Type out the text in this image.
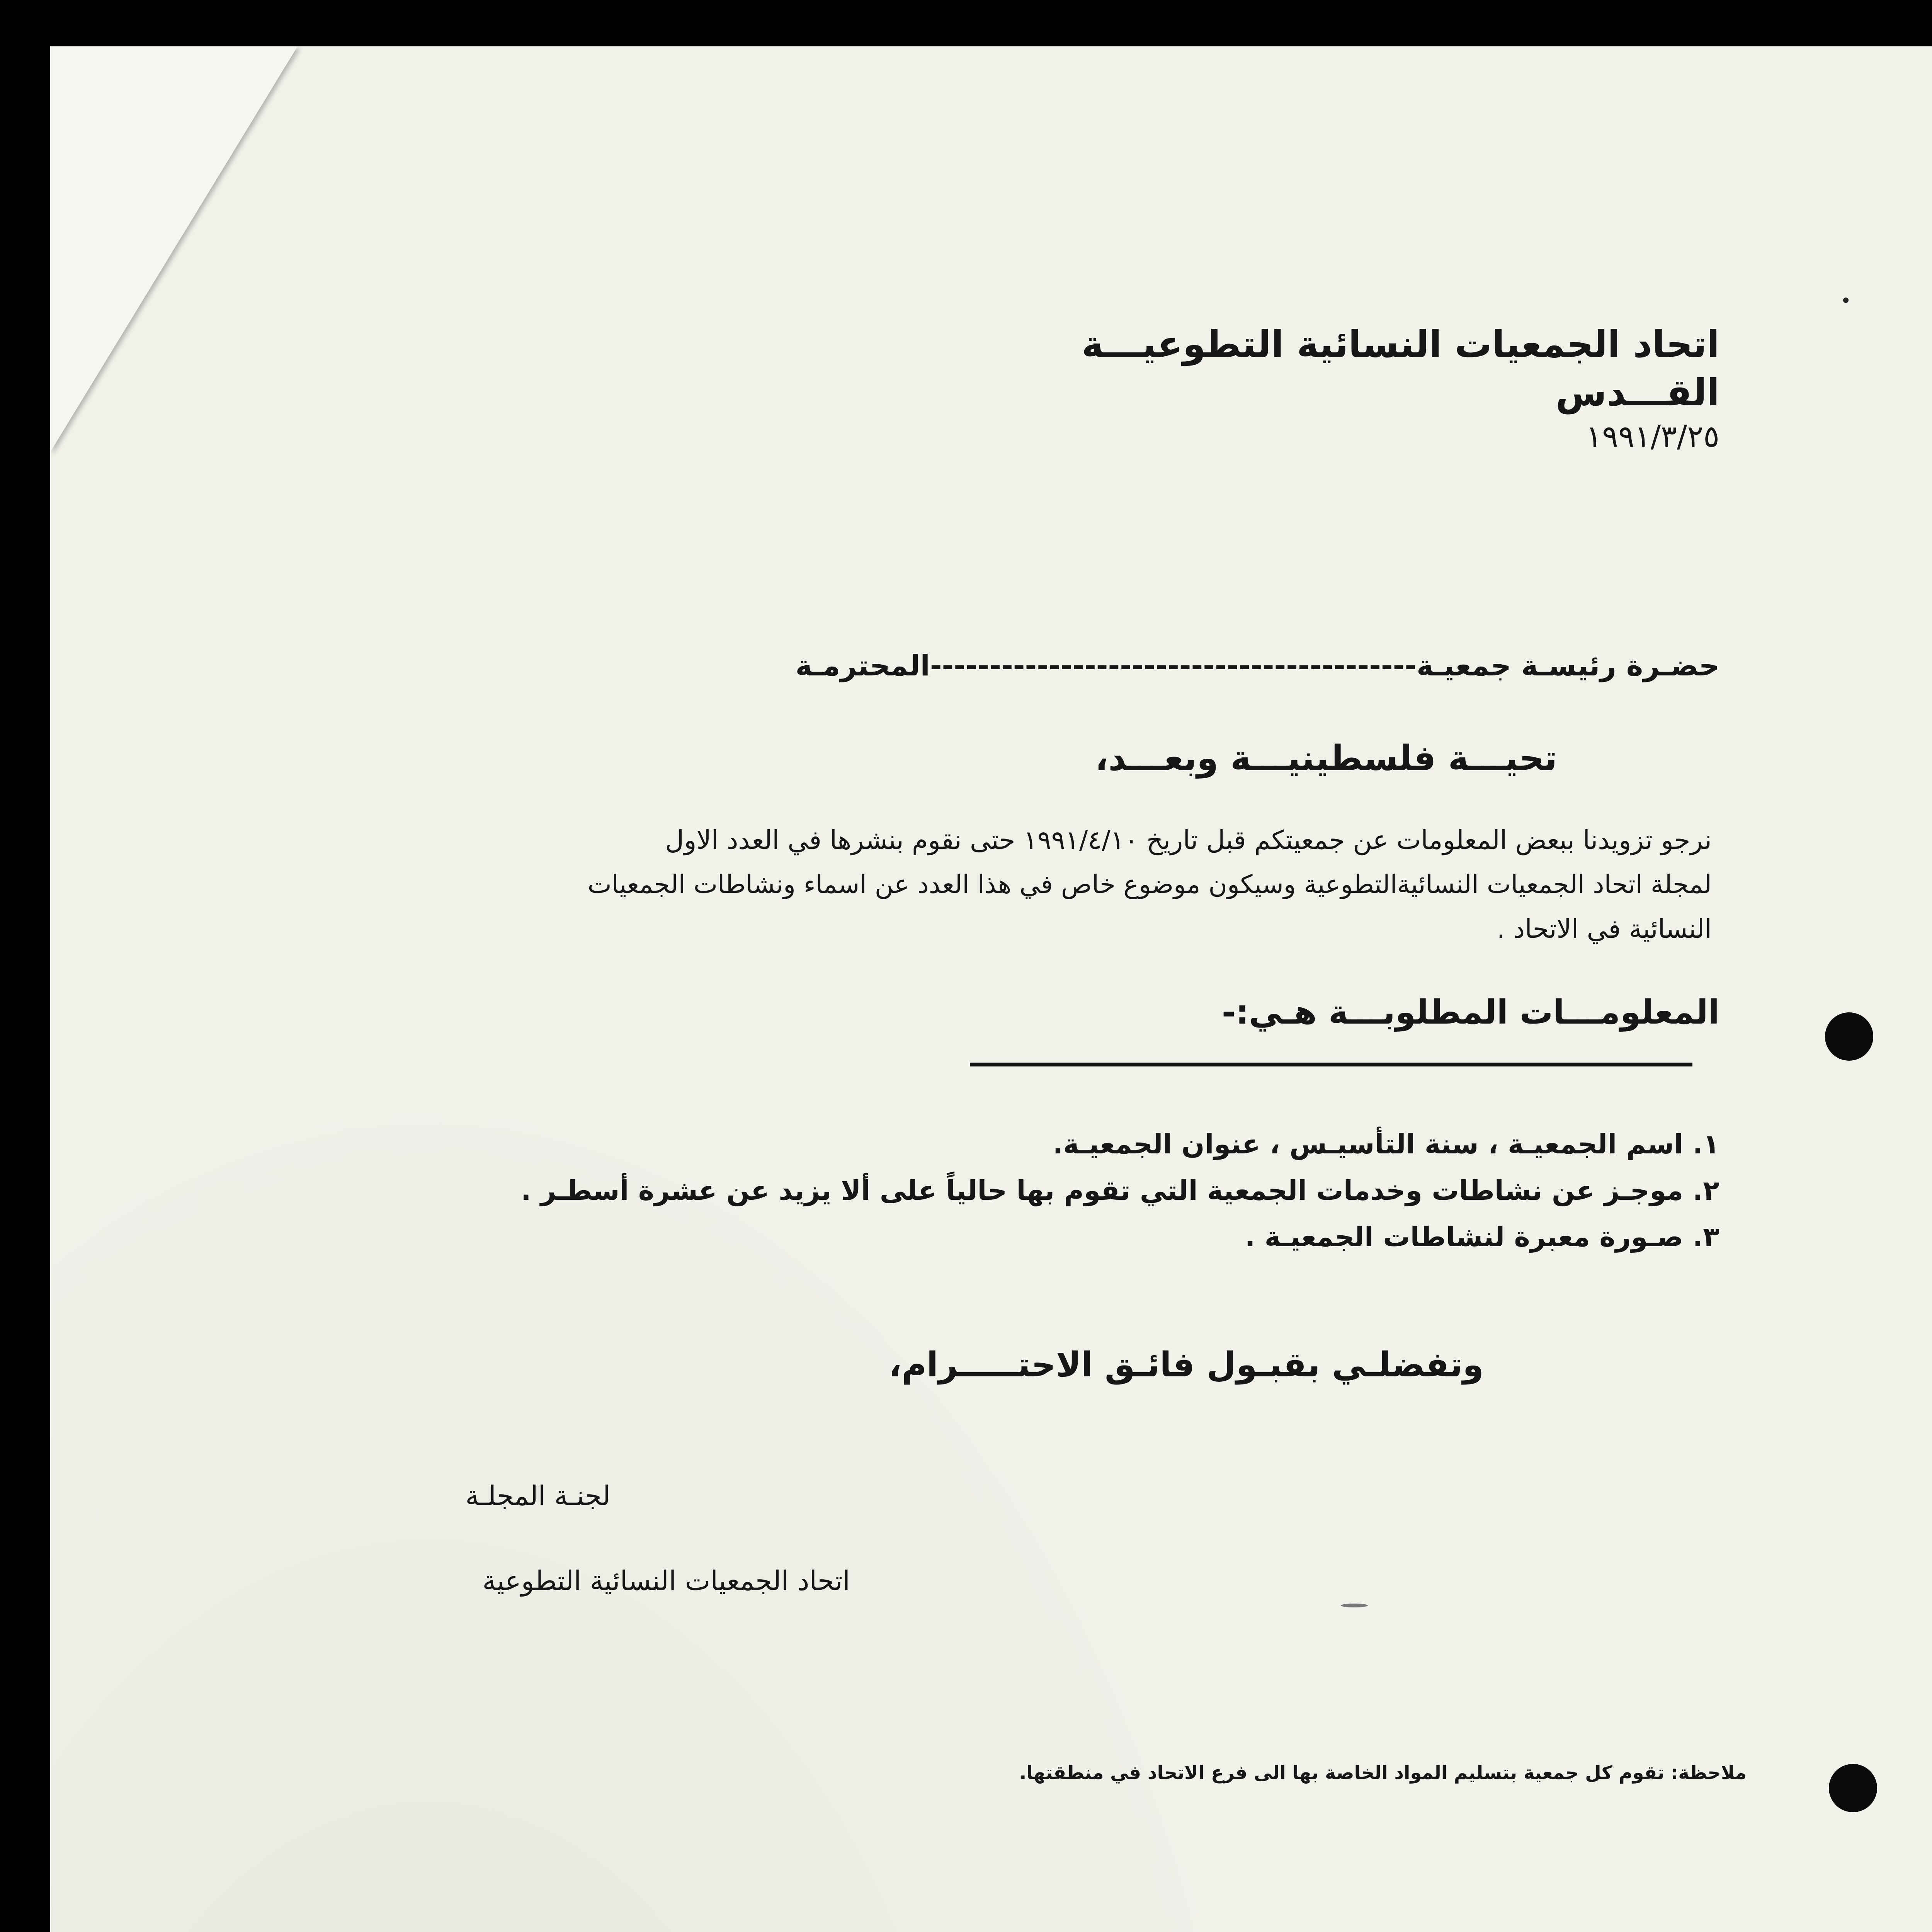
اتحاد الجمعيات النسائية التطوعيـــة
القـــدس
١٩٩١/٣/٢٥
حضـرة رئيسـة جمعيـة-----------------------------------------المحترمـة
تحيـــة فلسطينيـــة وبعـــد،
نرجو تزويدنا ببعض المعلومات عن جمعيتكم قبل تاريخ ١٩٩١/٤/١٠ حتى نقوم بنشرها في العدد الاول
لمجلة اتحاد الجمعيات النسائيةالتطوعية وسيكون موضوع خاص في هذا العدد عن اسماء ونشاطات الجمعيات
النسائية في الاتحاد .
المعلومـــات المطلوبـــة هـي:-
١. اسم الجمعيـة ، سنة التأسيـس ، عنوان الجمعيـة.
٢. موجـز عن نشاطات وخدمات الجمعية التي تقوم بها حالياً على ألا يزيد عن عشرة أسطـر .
٣. صـورة معبرة لنشاطات الجمعيـة .
وتفضلـي بقبـول فائـق الاحتـــــرام،
لجنـة المجلـة
اتحاد الجمعيات النسائية التطوعية
ملاحظة: تقوم كل جمعية بتسليم المواد الخاصة بها الى فرع الاتحاد في منطقتها.
